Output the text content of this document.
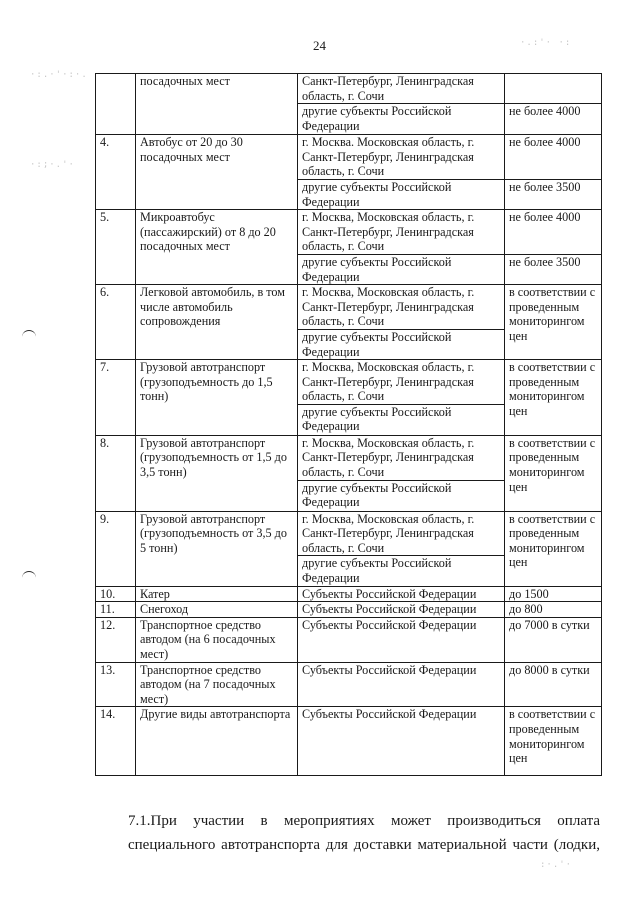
24
	посадочных мест	Санкт-Петербург, Ленинградская область, г. Сочи	
		другие субъекты Российской Федерации	не более 4000
4.	Автобус от 20 до 30 посадочных мест	г. Москва. Московская область, г. Санкт-Петербург, Ленинградская область, г. Сочи	не более 4000
		другие субъекты Российской Федерации	не более 3500
5.	Микроавтобус (пассажирский) от 8 до 20 посадочных мест	г. Москва, Московская область, г. Санкт-Петербург, Ленинградская область, г. Сочи	не более 4000
		другие субъекты Российской Федерации	не более 3500
6.	Легковой автомобиль, в том числе автомобиль сопровождения	г. Москва, Московская область, г. Санкт-Петербург, Ленинградская область, г. Сочи	в соответствии с проведенным мониторингом цен
		другие субъекты Российской Федерации	
7.	Грузовой автотранспорт (грузоподъемность до 1,5 тонн)	г. Москва, Московская область, г. Санкт-Петербург, Ленинградская область, г. Сочи	в соответствии с проведенным мониторингом цен
		другие субъекты Российской Федерации	
8.	Грузовой автотранспорт (грузоподъемность от 1,5 до 3,5 тонн)	г. Москва, Московская область, г. Санкт-Петербург, Ленинградская область, г. Сочи	в соответствии с проведенным мониторингом цен
		другие субъекты Российской Федерации	
9.	Грузовой автотранспорт (грузоподъемность от 3,5 до 5 тонн)	г. Москва, Московская область, г. Санкт-Петербург, Ленинградская область, г. Сочи	в соответствии с проведенным мониторингом цен
		другие субъекты Российской Федерации	
10.	Катер	Субъекты Российской Федерации	до 1500
11.	Снегоход	Субъекты Российской Федерации	до 800
12.	Транспортное средство автодом (на 6 посадочных мест)	Субъекты Российской Федерации	до 7000 в сутки
13.	Транспортное средство автодом (на 7 посадочных мест)	Субъекты Российской Федерации	до 8000 в сутки
14.	Другие виды автотранспорта	Субъекты Российской Федерации	в соответствии с проведенным мониторингом цен
7.1.При участии в мероприятиях может производиться оплата
специального автотранспорта для доставки материальной части (лодки,
·:.·'·:·.
·:;·.'·
·.:'· ·:
:·.'·
